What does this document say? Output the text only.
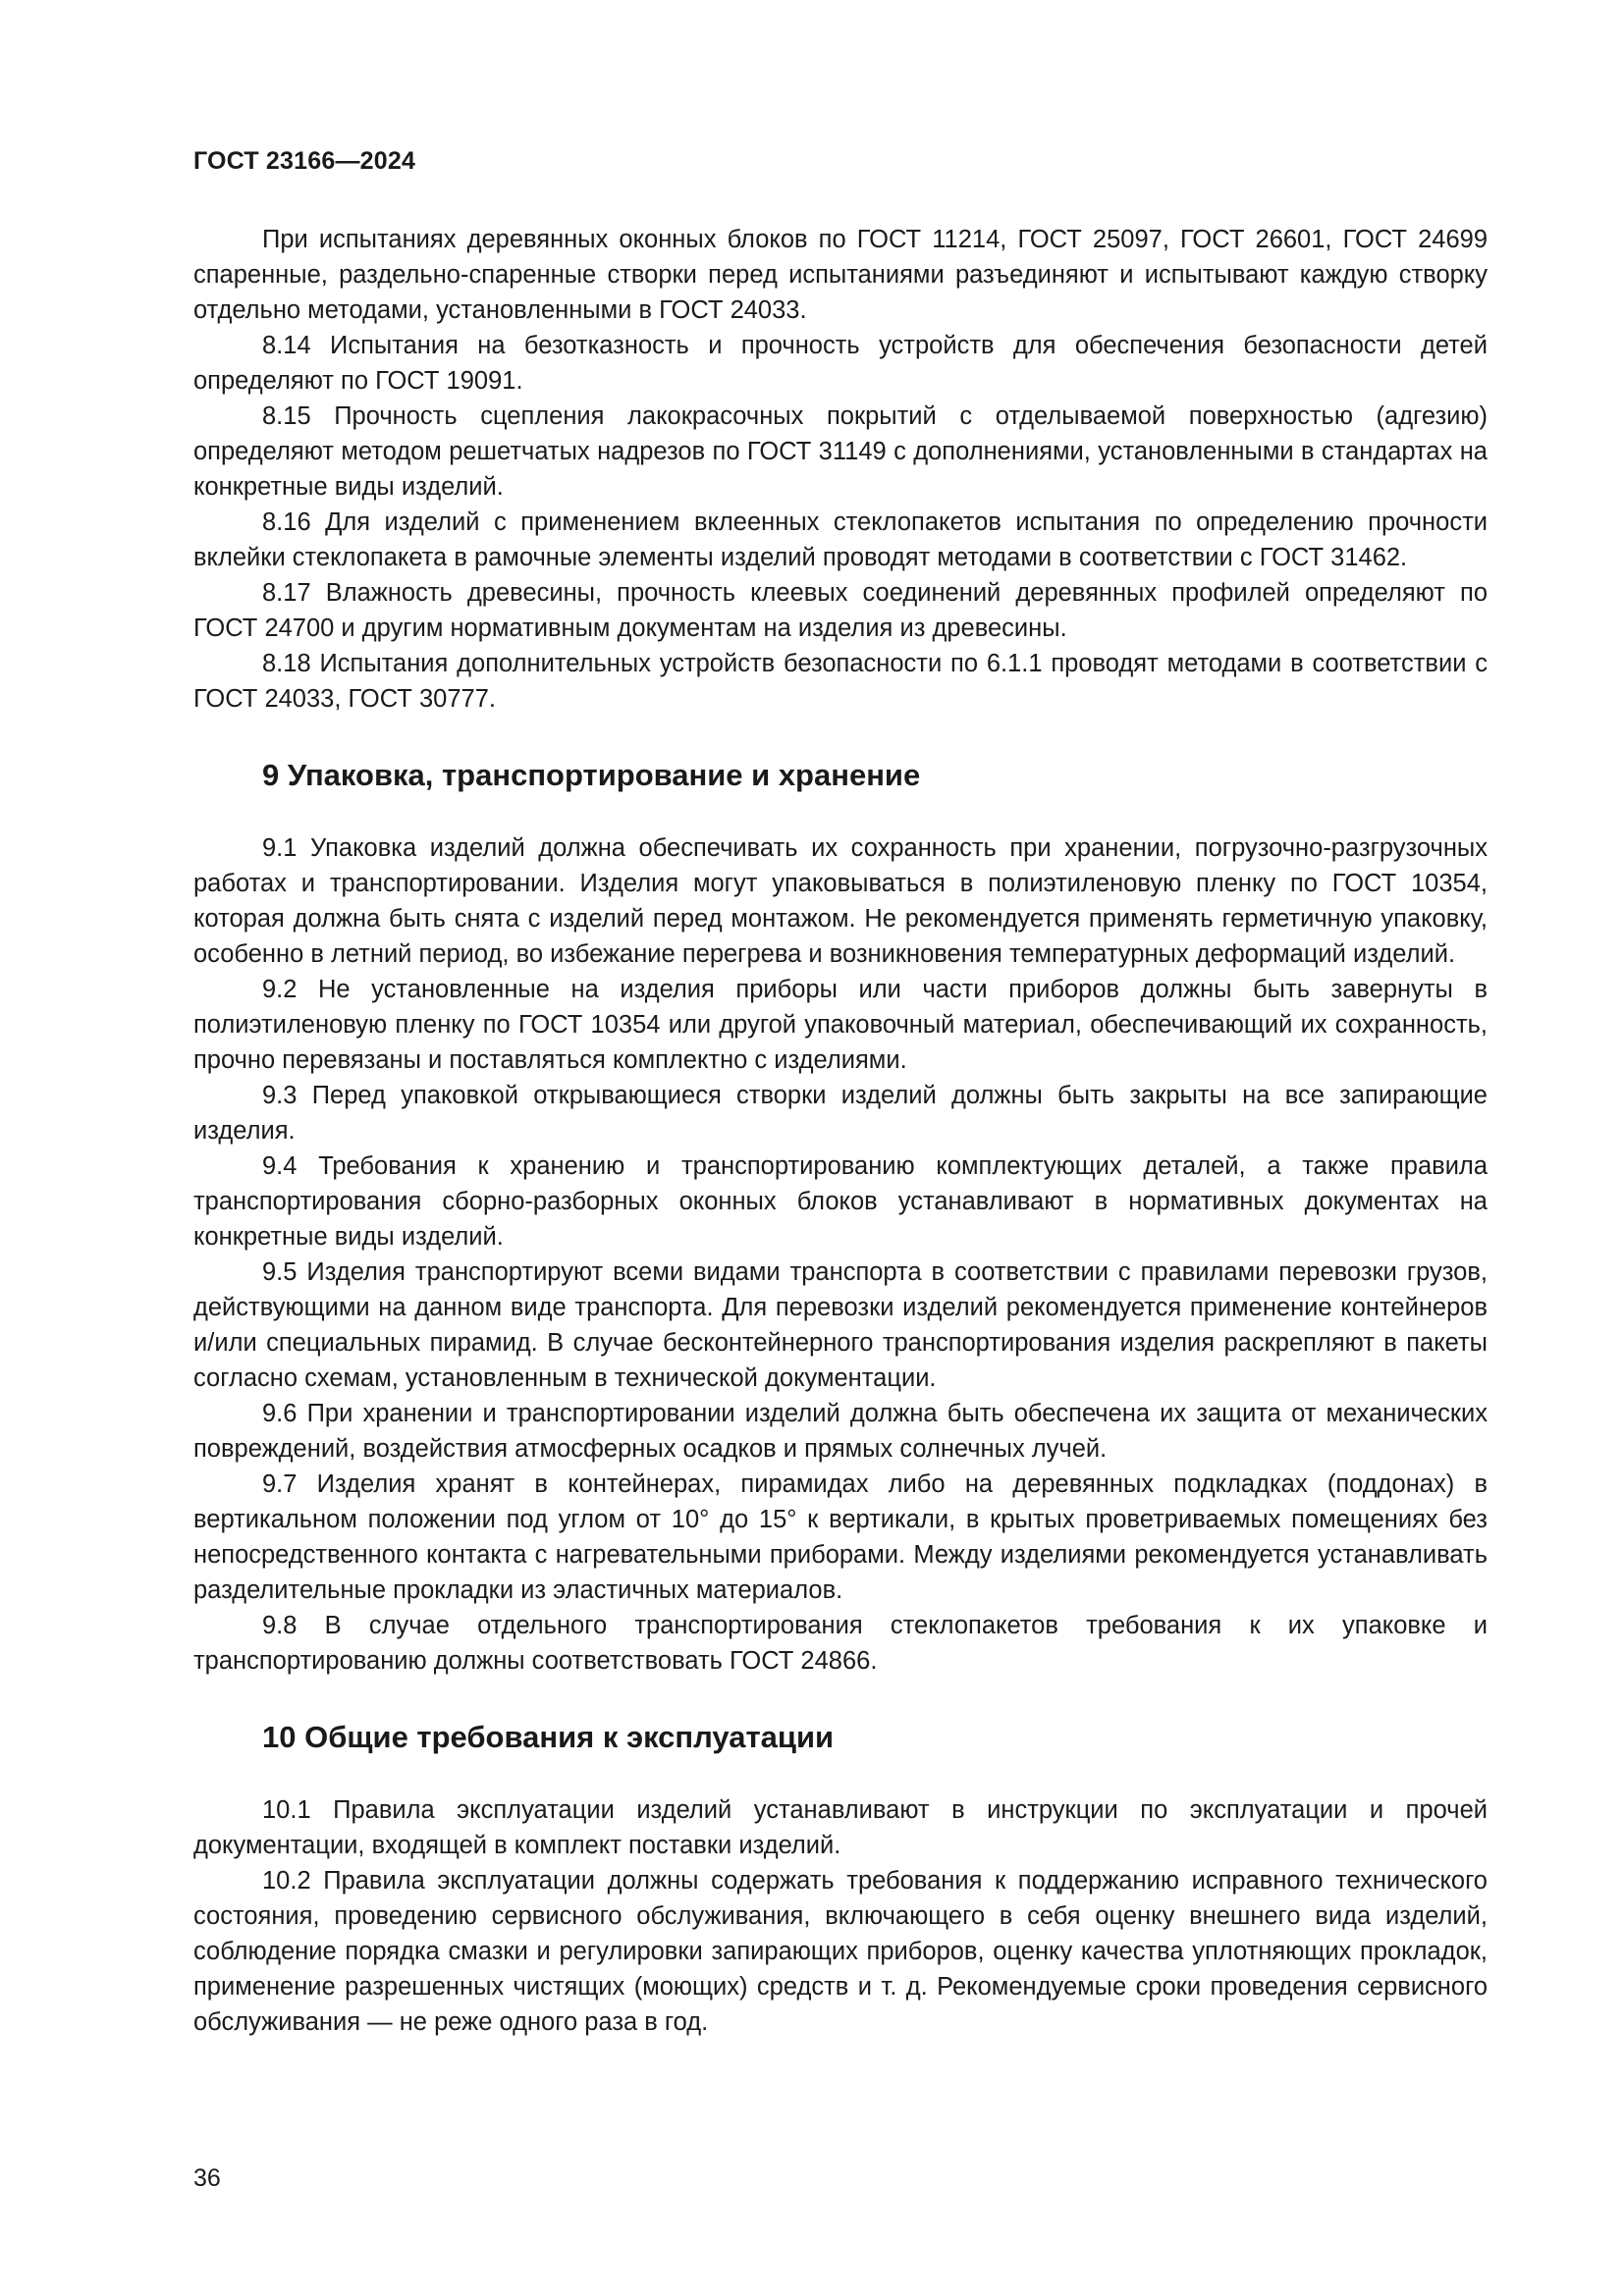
ГОСТ 23166—2024

При испытаниях деревянных оконных блоков по ГОСТ 11214, ГОСТ 25097, ГОСТ 26601, ГОСТ 24699 спаренные, раздельно-спаренные створки перед испытаниями разъединяют и испытывают каждую створку отдельно методами, установленными в ГОСТ 24033.

8.14 Испытания на безотказность и прочность устройств для обеспечения безопасности детей определяют по ГОСТ 19091.

8.15 Прочность сцепления лакокрасочных покрытий с отделываемой поверхностью (адгезию) определяют методом решетчатых надрезов по ГОСТ 31149 с дополнениями, установленными в стандартах на конкретные виды изделий.

8.16 Для изделий с применением вклеенных стеклопакетов испытания по определению прочности вклейки стеклопакета в рамочные элементы изделий проводят методами в соответствии с ГОСТ 31462.

8.17 Влажность древесины, прочность клеевых соединений деревянных профилей определяют по ГОСТ 24700 и другим нормативным документам на изделия из древесины.

8.18 Испытания дополнительных устройств безопасности по 6.1.1 проводят методами в соответствии с ГОСТ 24033, ГОСТ 30777.

9 Упаковка, транспортирование и хранение

9.1 Упаковка изделий должна обеспечивать их сохранность при хранении, погрузочно-разгрузочных работах и транспортировании. Изделия могут упаковываться в полиэтиленовую пленку по ГОСТ 10354, которая должна быть снята с изделий перед монтажом. Не рекомендуется применять герметичную упаковку, особенно в летний период, во избежание перегрева и возникновения температурных деформаций изделий.

9.2 Не установленные на изделия приборы или части приборов должны быть завернуты в полиэтиленовую пленку по ГОСТ 10354 или другой упаковочный материал, обеспечивающий их сохранность, прочно перевязаны и поставляться комплектно с изделиями.

9.3 Перед упаковкой открывающиеся створки изделий должны быть закрыты на все запирающие изделия.

9.4 Требования к хранению и транспортированию комплектующих деталей, а также правила транспортирования сборно-разборных оконных блоков устанавливают в нормативных документах на конкретные виды изделий.

9.5 Изделия транспортируют всеми видами транспорта в соответствии с правилами перевозки грузов, действующими на данном виде транспорта. Для перевозки изделий рекомендуется применение контейнеров и/или специальных пирамид. В случае бесконтейнерного транспортирования изделия раскрепляют в пакеты согласно схемам, установленным в технической документации.

9.6 При хранении и транспортировании изделий должна быть обеспечена их защита от механических повреждений, воздействия атмосферных осадков и прямых солнечных лучей.

9.7 Изделия хранят в контейнерах, пирамидах либо на деревянных подкладках (поддонах) в вертикальном положении под углом от 10° до 15° к вертикали, в крытых проветриваемых помещениях без непосредственного контакта с нагревательными приборами. Между изделиями рекомендуется устанавливать разделительные прокладки из эластичных материалов.

9.8 В случае отдельного транспортирования стеклопакетов требования к их упаковке и транспортированию должны соответствовать ГОСТ 24866.

10 Общие требования к эксплуатации

10.1 Правила эксплуатации изделий устанавливают в инструкции по эксплуатации и прочей документации, входящей в комплект поставки изделий.

10.2 Правила эксплуатации должны содержать требования к поддержанию исправного технического состояния, проведению сервисного обслуживания, включающего в себя оценку внешнего вида изделий, соблюдение порядка смазки и регулировки запирающих приборов, оценку качества уплотняющих прокладок, применение разрешенных чистящих (моющих) средств и т. д. Рекомендуемые сроки проведения сервисного обслуживания — не реже одного раза в год.

36
